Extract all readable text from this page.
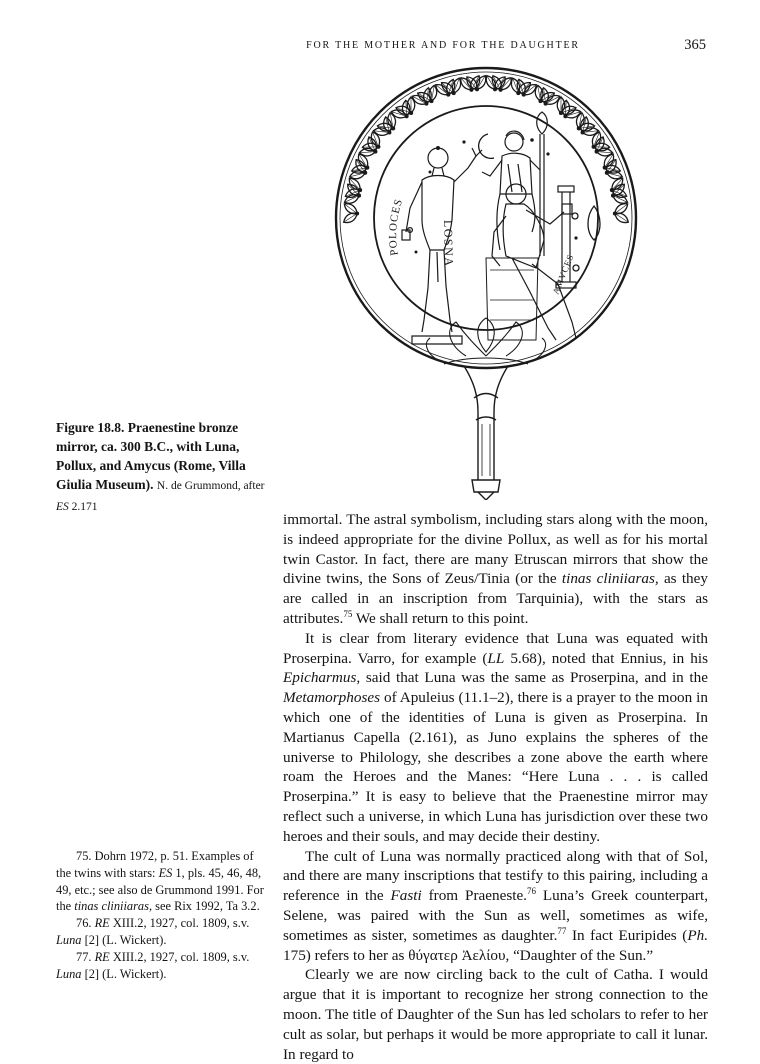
FOR THE MOTHER AND FOR THE DAUGHTER	365
POLOCES
LOSNA
AMVCES
Figure 18.8. Praenestine bronze mirror, ca. 300 B.C., with Luna, Pollux, and Amycus (Rome, Villa Giulia Museum). N. de Grummond, after ES 2.171

immortal. The astral symbolism, including stars along with the moon, is indeed appropriate for the divine Pollux, as well as for his mortal twin Castor. In fact, there are many Etruscan mirrors that show the divine twins, the Sons of Zeus/Tinia (or the tinas cliniiaras, as they are called in an inscription from Tarquinia), with the stars as attributes.$^{75}$ We shall return to this point.

It is clear from literary evidence that Luna was equated with Proserpina. Varro, for example (LL 5.68), noted that Ennius, in his Epicharmus, said that Luna was the same as Proserpina, and in the Metamorphoses of Apuleius (11.1–2), there is a prayer to the moon in which one of the identities of Luna is given as Proserpina. In Martianus Capella (2.161), as Juno explains the spheres of the universe to Philology, she describes a zone above the earth where roam the Heroes and the Manes: “Here Luna . . . is called Proserpina.” It is easy to believe that the Praenestine mirror may reflect such a universe, in which Luna has jurisdiction over these two heroes and their souls, and may decide their destiny.

The cult of Luna was normally practiced along with that of Sol, and there are many inscriptions that testify to this pairing, including a reference in the Fasti from Praeneste.$^{76}$ Luna’s Greek counterpart, Selene, was paired with the Sun as well, sometimes as wife, sometimes as sister, sometimes as daughter.$^{77}$ In fact Euripides (Ph. 175) refers to her as θύγατερ Ἀελίου, “Daughter of the Sun.”

Clearly we are now circling back to the cult of Catha. I would argue that it is important to recognize her strong connection to the moon. The title of Daughter of the Sun has led scholars to refer to her cult as solar, but perhaps it would be more appropriate to call it lunar. In regard to

75. Dohrn 1972, p. 51. Examples of the twins with stars: ES 1, pls. 45, 46, 48, 49, etc.; see also de Grummond 1991. For the tinas cliniiaras, see Rix 1992, Ta 3.2.

76. RE XIII.2, 1927, col. 1809, s.v. Luna [2] (L. Wickert).

77. RE XIII.2, 1927, col. 1809, s.v. Luna [2] (L. Wickert).
